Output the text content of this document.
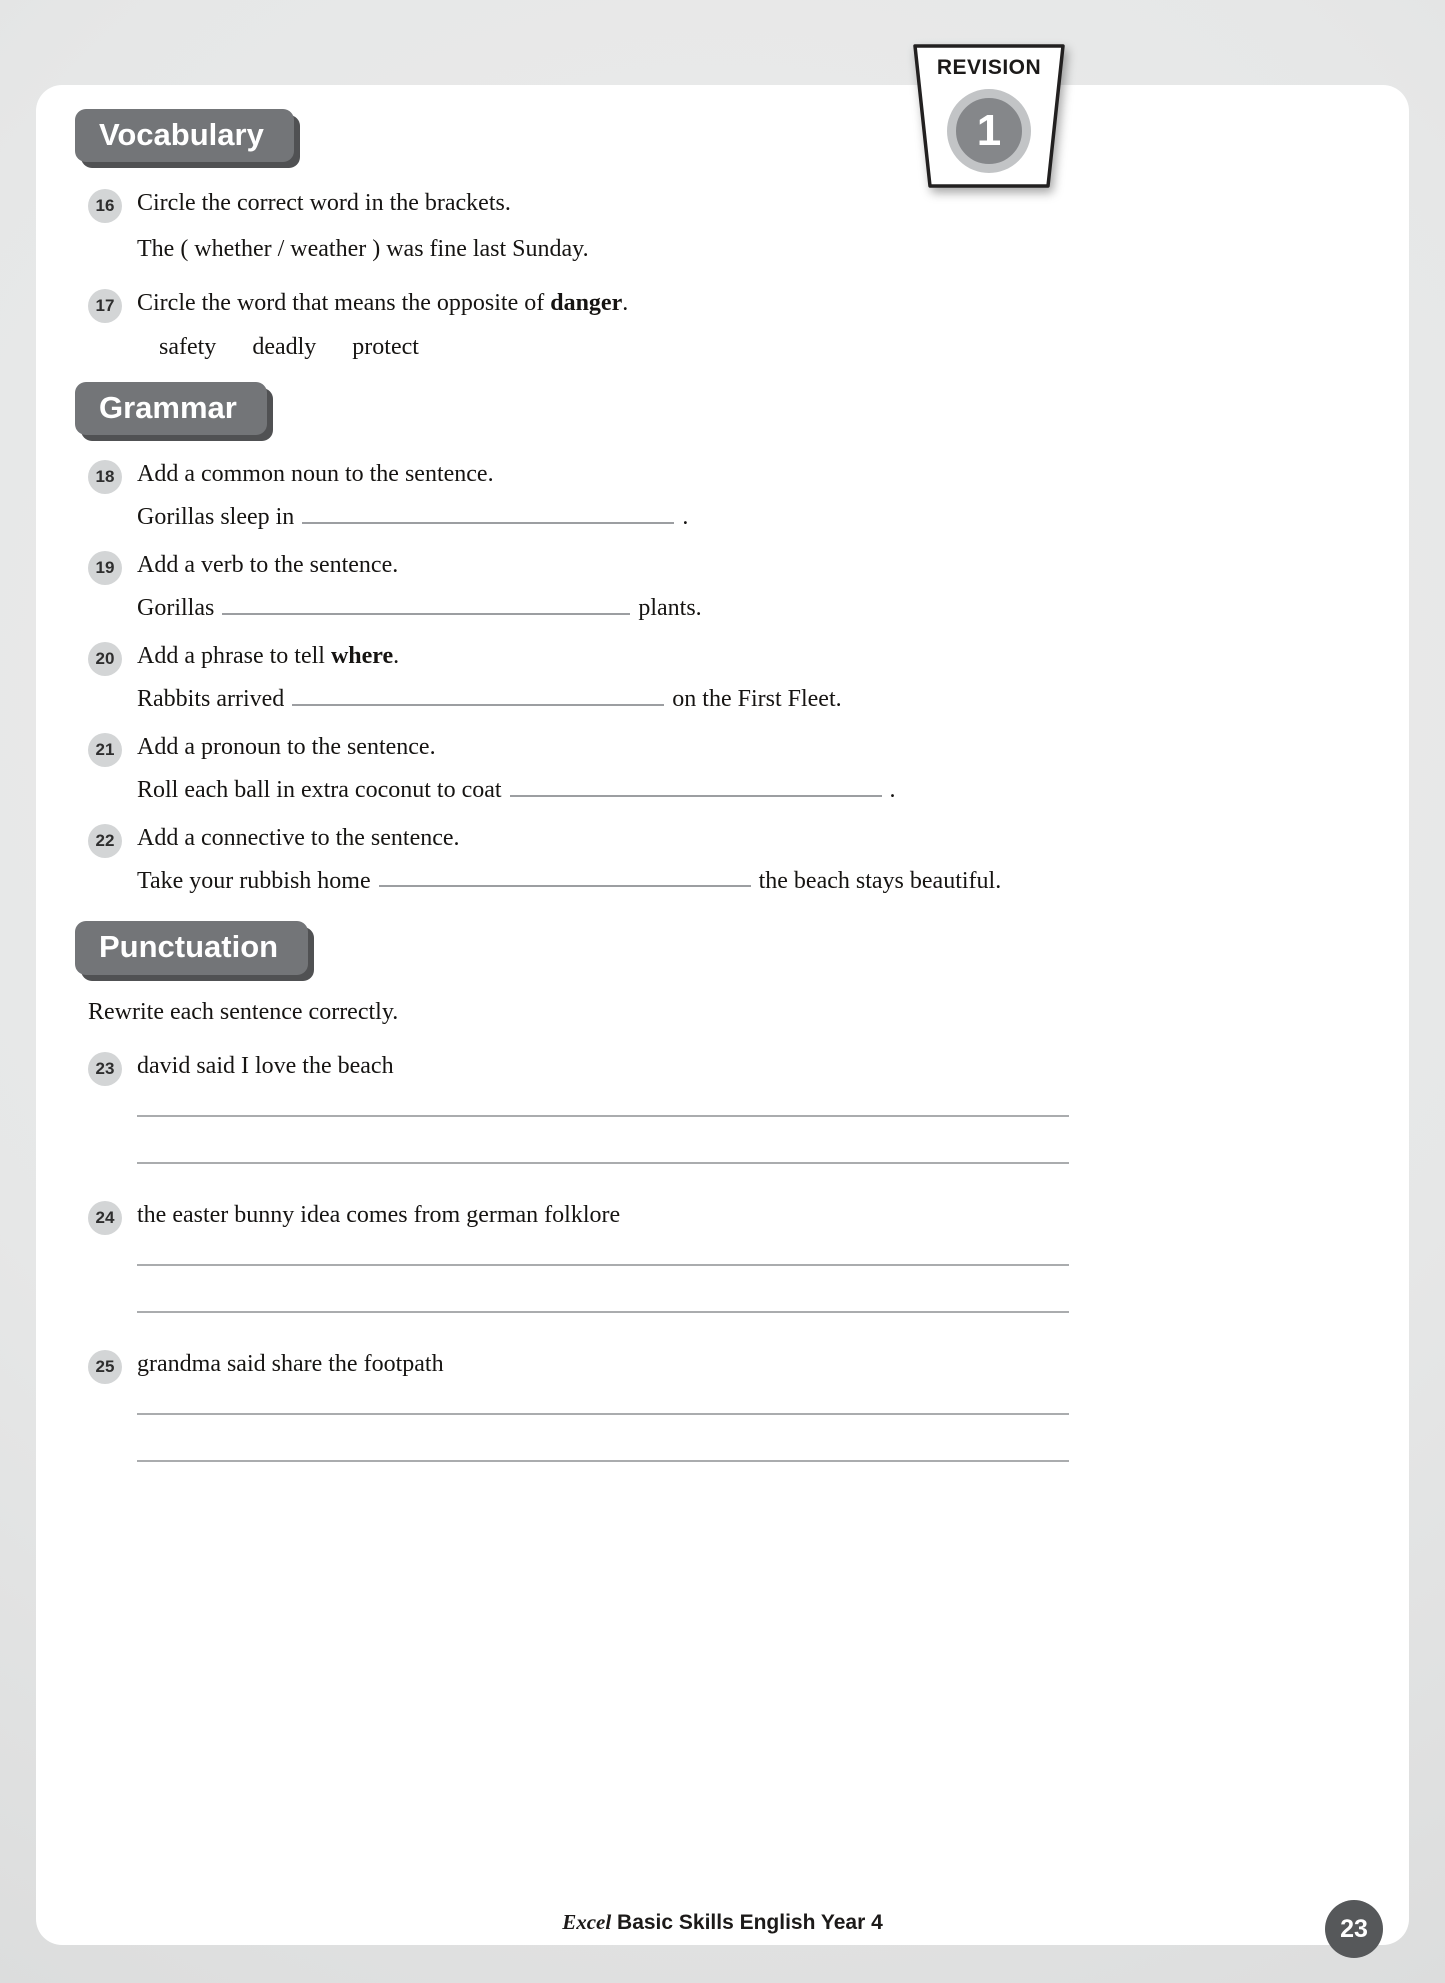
REVISION
1
Vocabulary
16 Circle the correct word in the brackets.
The ( whether / weather ) was fine last Sunday.
17 Circle the word that means the opposite of danger.
safety deadly protect
Grammar
18 Add a common noun to the sentence.
Gorillas sleep in	.
19 Add a verb to the sentence.
Gorillas	plants.
20 Add a phrase to tell where.
Rabbits arrived	on the First Fleet.
21 Add a pronoun to the sentence.
Roll each ball in extra coconut to coat	.
22 Add a connective to the sentence.
Take your rubbish home	the beach stays beautiful.
Punctuation
Rewrite each sentence correctly.
23 david said I love the beach
24 the easter bunny idea comes from german folklore
25 grandma said share the footpath
Excel Basic Skills English Year 4	23
